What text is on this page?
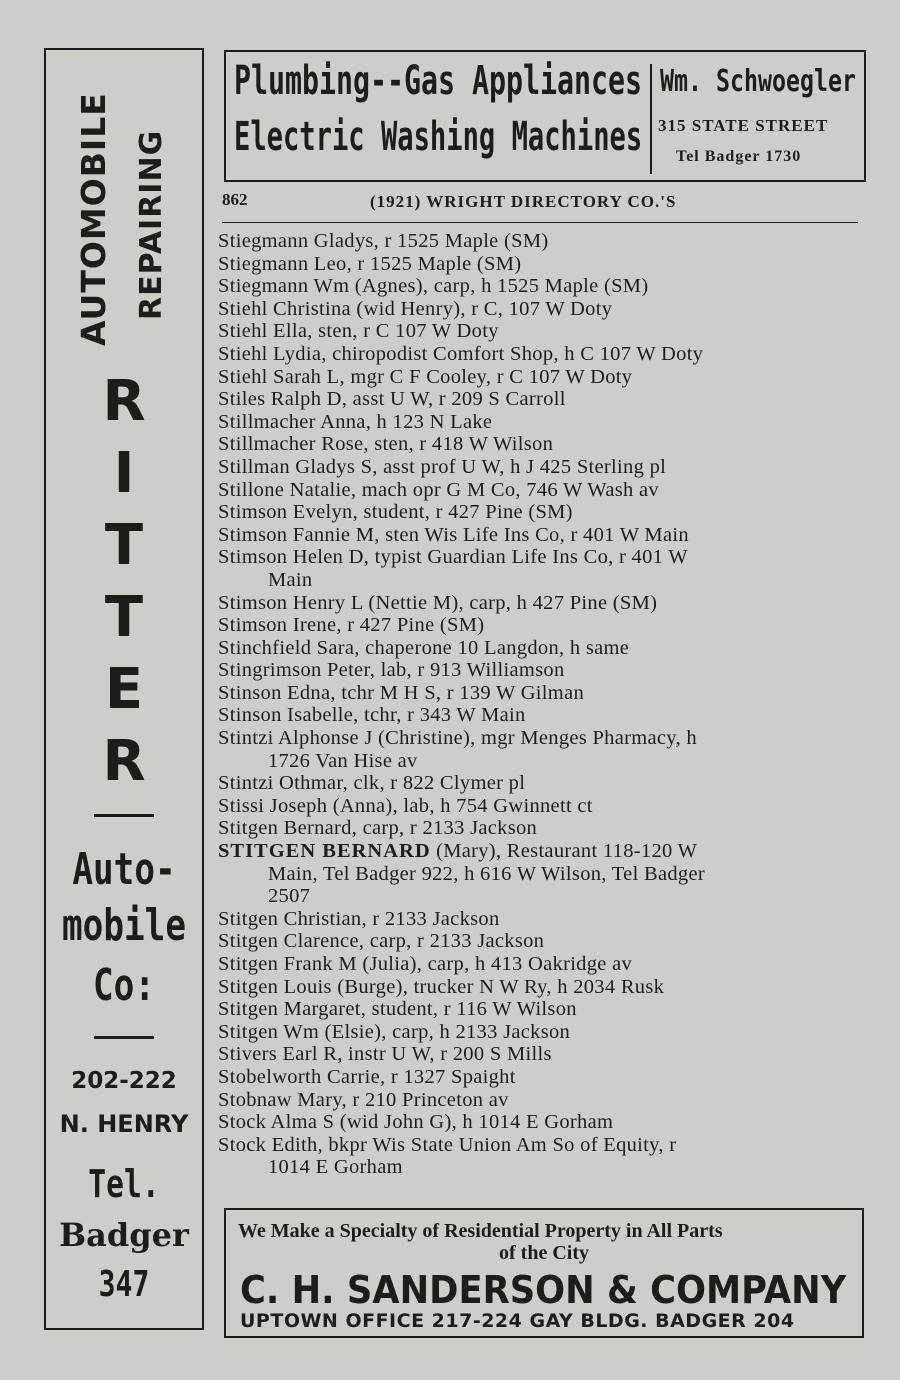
AUTOMOBILE REPAIRING
R
I
T
T
E
R
Auto-
mobile
Co:
202-222
N. HENRY
Tel.
Badger
347
Plumbing--Gas Appliances
Electric Washing Machines
Wm. Schwoegler
315 STATE STREET
Tel Badger 1730
862	(1921) WRIGHT DIRECTORY CO.'S
Stiegmann Gladys, r 1525 Maple (SM)
Stiegmann Leo, r 1525 Maple (SM)
Stiegmann Wm (Agnes), carp, h 1525 Maple (SM)
Stiehl Christina (wid Henry), r C, 107 W Doty
Stiehl Ella, sten, r C 107 W Doty
Stiehl Lydia, chiropodist Comfort Shop, h C 107 W Doty
Stiehl Sarah L, mgr C F Cooley, r C 107 W Doty
Stiles Ralph D, asst U W, r 209 S Carroll
Stillmacher Anna, h 123 N Lake
Stillmacher Rose, sten, r 418 W Wilson
Stillman Gladys S, asst prof U W, h J 425 Sterling pl
Stillone Natalie, mach opr G M Co, 746 W Wash av
Stimson Evelyn, student, r 427 Pine (SM)
Stimson Fannie M, sten Wis Life Ins Co, r 401 W Main
Stimson Helen D, typist Guardian Life Ins Co, r 401 W
Main
Stimson Henry L (Nettie M), carp, h 427 Pine (SM)
Stimson Irene, r 427 Pine (SM)
Stinchfield Sara, chaperone 10 Langdon, h same
Stingrimson Peter, lab, r 913 Williamson
Stinson Edna, tchr M H S, r 139 W Gilman
Stinson Isabelle, tchr, r 343 W Main
Stintzi Alphonse J (Christine), mgr Menges Pharmacy, h
1726 Van Hise av
Stintzi Othmar, clk, r 822 Clymer pl
Stissi Joseph (Anna), lab, h 754 Gwinnett ct
Stitgen Bernard, carp, r 2133 Jackson
STITGEN BERNARD (Mary), Restaurant 118-120 W
Main, Tel Badger 922, h 616 W Wilson, Tel Badger
2507
Stitgen Christian, r 2133 Jackson
Stitgen Clarence, carp, r 2133 Jackson
Stitgen Frank M (Julia), carp, h 413 Oakridge av
Stitgen Louis (Burge), trucker N W Ry, h 2034 Rusk
Stitgen Margaret, student, r 116 W Wilson
Stitgen Wm (Elsie), carp, h 2133 Jackson
Stivers Earl R, instr U W, r 200 S Mills
Stobelworth Carrie, r 1327 Spaight
Stobnaw Mary, r 210 Princeton av
Stock Alma S (wid John G), h 1014 E Gorham
Stock Edith, bkpr Wis State Union Am So of Equity, r
1014 E Gorham
We Make a Specialty of Residential Property in All Parts
of the City
C. H. SANDERSON & COMPANY
UPTOWN OFFICE 217-224 GAY BLDG. BADGER 204
